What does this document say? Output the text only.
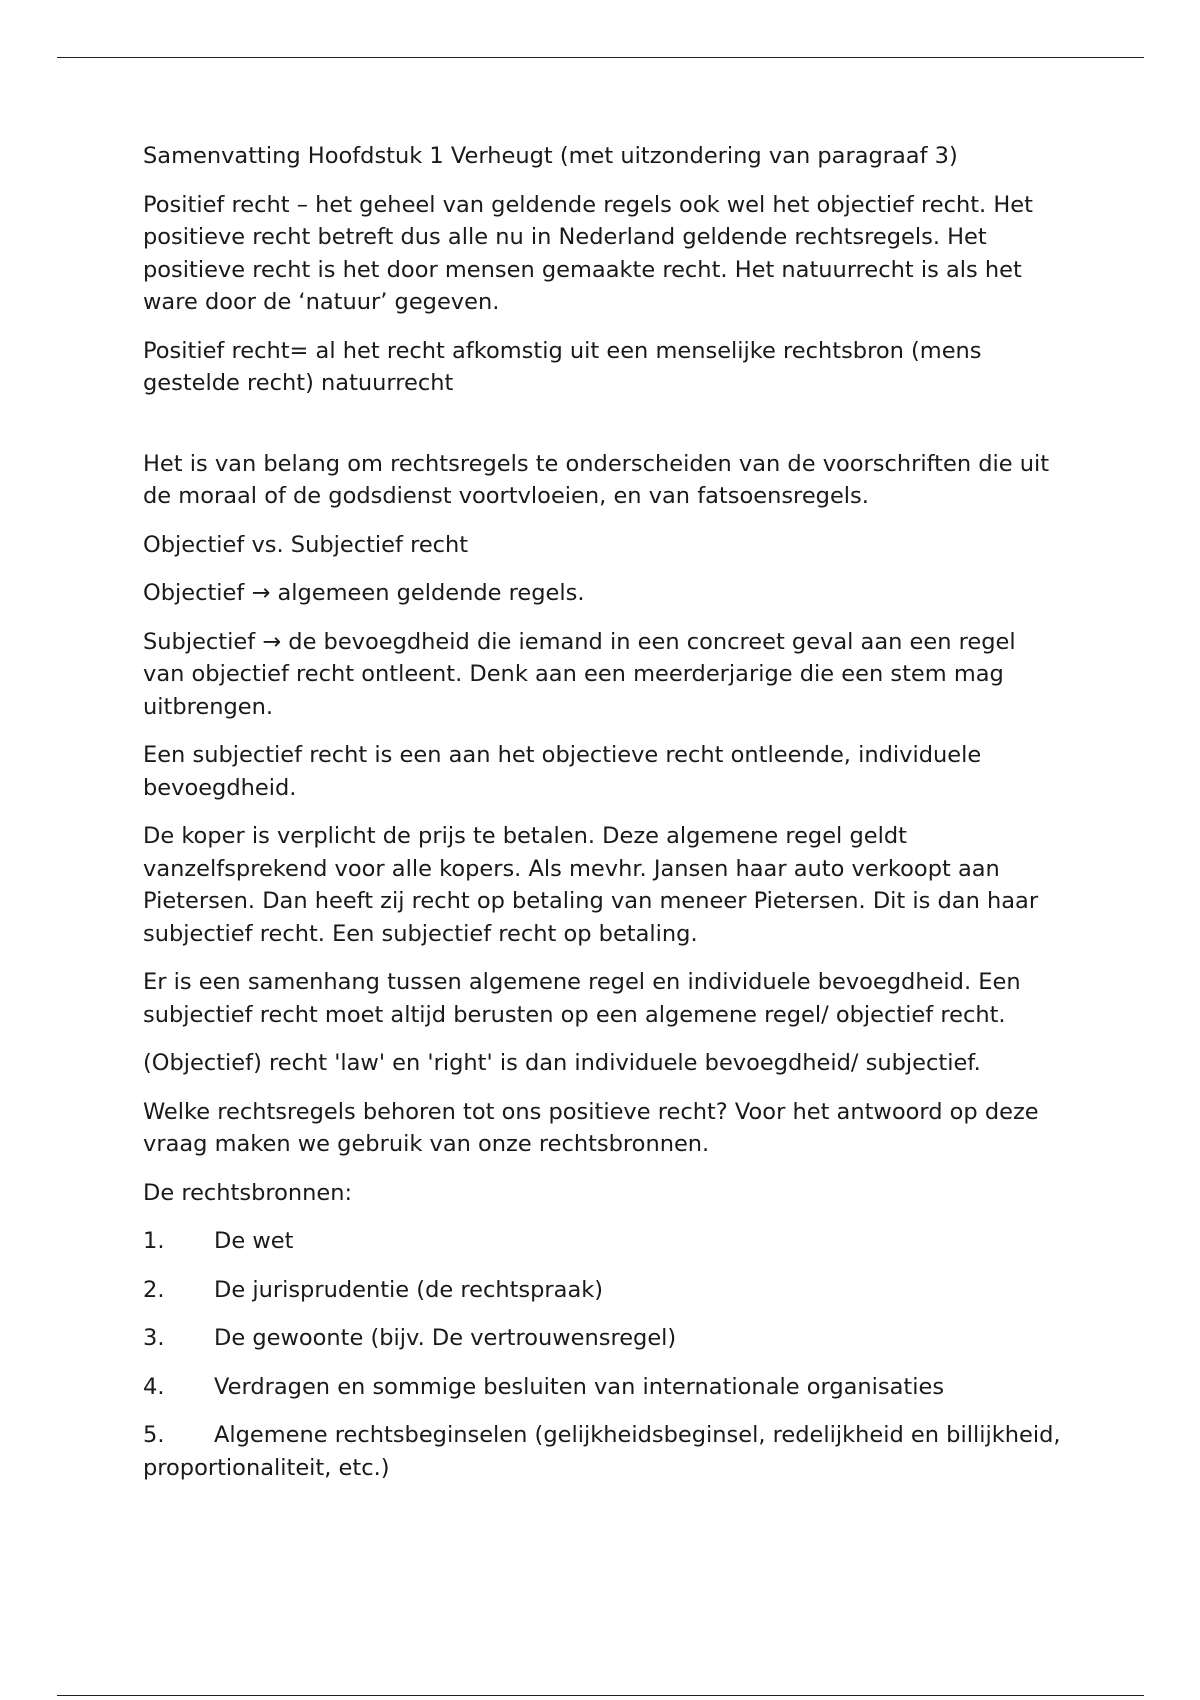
Samenvatting Hoofdstuk 1 Verheugt (met uitzondering van paragraaf 3)

Positief recht – het geheel van geldende regels ook wel het objectief recht. Het positieve recht betreft dus alle nu in Nederland geldende rechtsregels. Het positieve recht is het door mensen gemaakte recht. Het natuurrecht is als het ware door de ‘natuur’ gegeven.

Positief recht= al het recht afkomstig uit een menselijke rechtsbron (mens gestelde recht) natuurrecht

Het is van belang om rechtsregels te onderscheiden van de voorschriften die uit de moraal of de godsdienst voortvloeien, en van fatsoensregels.

Objectief vs. Subjectief recht

Objectief → algemeen geldende regels.

Subjectief → de bevoegdheid die iemand in een concreet geval aan een regel van objectief recht ontleent. Denk aan een meerderjarige die een stem mag uitbrengen.

Een subjectief recht is een aan het objectieve recht ontleende, individuele bevoegdheid.

De koper is verplicht de prijs te betalen. Deze algemene regel geldt vanzelfsprekend voor alle kopers. Als mevhr. Jansen haar auto verkoopt aan Pietersen. Dan heeft zij recht op betaling van meneer Pietersen. Dit is dan haar subjectief recht. Een subjectief recht op betaling.

Er is een samenhang tussen algemene regel en individuele bevoegdheid. Een subjectief recht moet altijd berusten op een algemene regel/ objectief recht.

(Objectief) recht 'law' en 'right' is dan individuele bevoegdheid/ subjectief.

Welke rechtsregels behoren tot ons positieve recht? Voor het antwoord op deze vraag maken we gebruik van onze rechtsbronnen.

De rechtsbronnen:

1. De wet

2. De jurisprudentie (de rechtspraak)

3. De gewoonte (bijv. De vertrouwensregel)

4. Verdragen en sommige besluiten van internationale organisaties

5. Algemene rechtsbeginselen (gelijkheidsbeginsel, redelijkheid en billijkheid, proportionaliteit, etc.)
